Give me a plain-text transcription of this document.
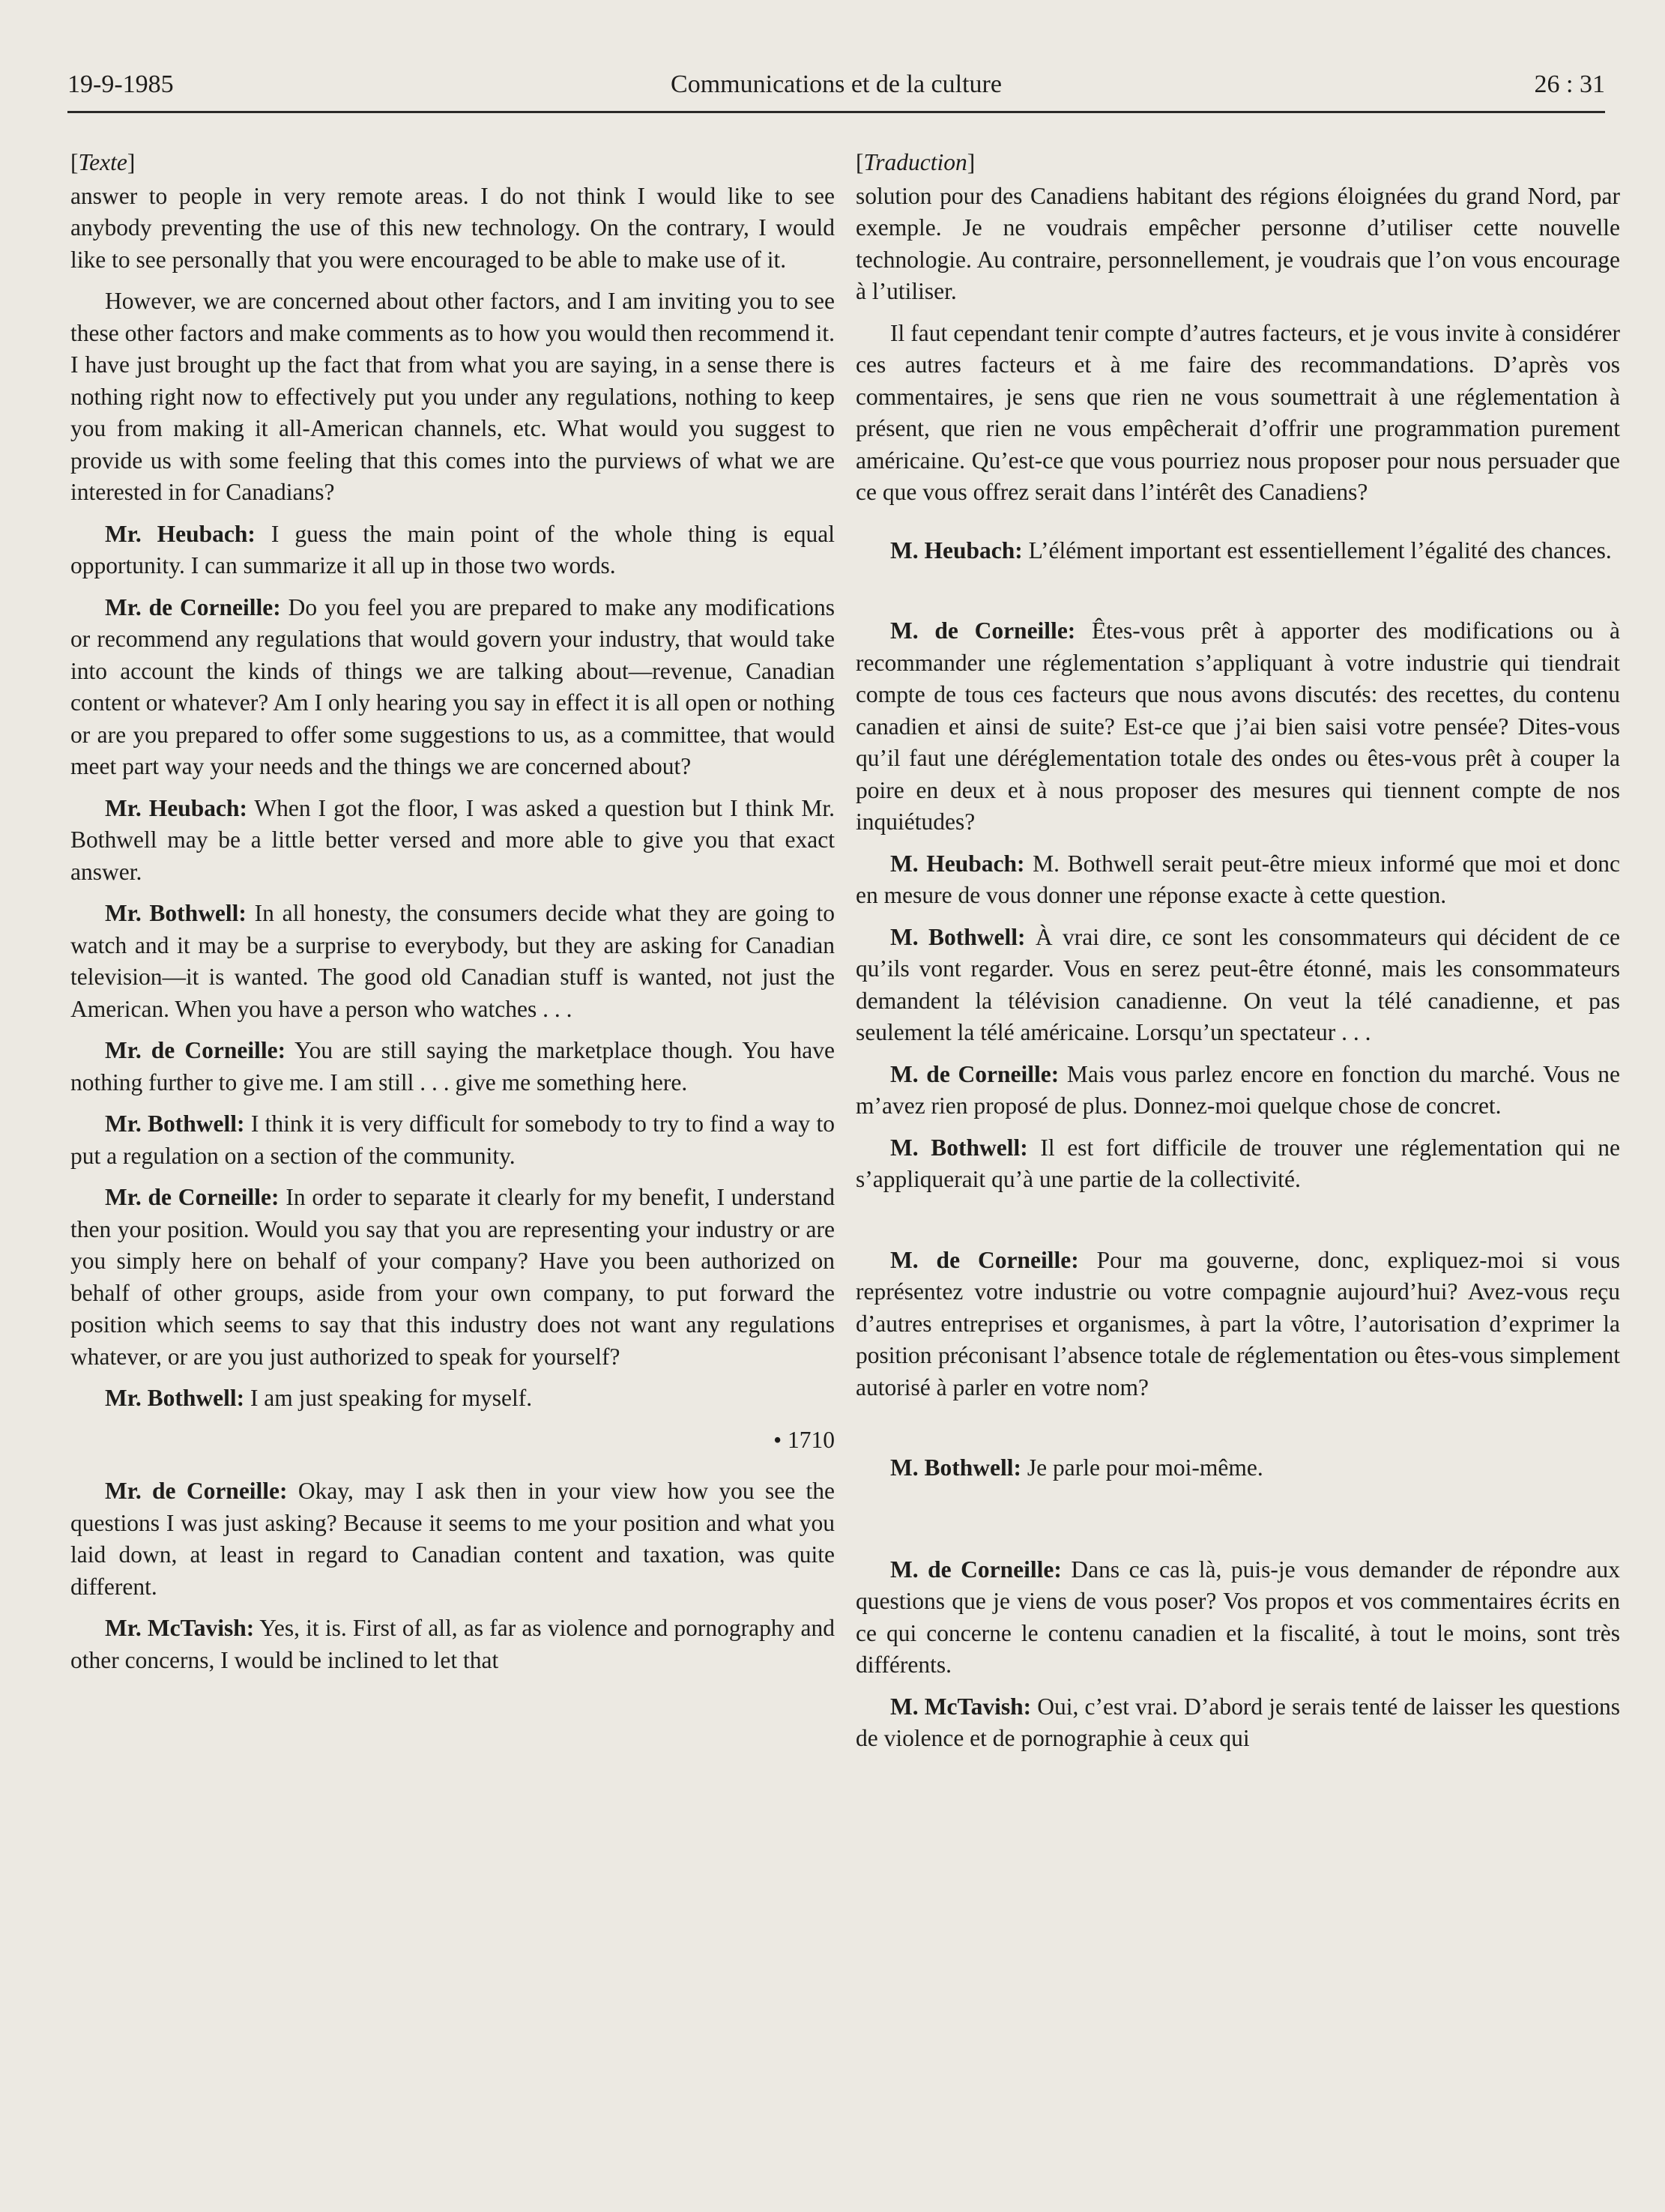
19-9-1985	Communications et de la culture	26 : 31
[Texte]

answer to people in very remote areas. I do not think I would like to see anybody preventing the use of this new technology. On the contrary, I would like to see personally that you were encouraged to be able to make use of it.

However, we are concerned about other factors, and I am inviting you to see these other factors and make comments as to how you would then recommend it. I have just brought up the fact that from what you are saying, in a sense there is nothing right now to effectively put you under any regulations, nothing to keep you from making it all-American channels, etc. What would you suggest to provide us with some feeling that this comes into the purviews of what we are interested in for Canadians?

Mr. Heubach: I guess the main point of the whole thing is equal opportunity. I can summarize it all up in those two words.

Mr. de Corneille: Do you feel you are prepared to make any modifications or recommend any regulations that would govern your industry, that would take into account the kinds of things we are talking about—revenue, Canadian content or whatever? Am I only hearing you say in effect it is all open or nothing or are you prepared to offer some suggestions to us, as a committee, that would meet part way your needs and the things we are concerned about?

Mr. Heubach: When I got the floor, I was asked a question but I think Mr. Bothwell may be a little better versed and more able to give you that exact answer.

Mr. Bothwell: In all honesty, the consumers decide what they are going to watch and it may be a surprise to everybody, but they are asking for Canadian television—it is wanted. The good old Canadian stuff is wanted, not just the American. When you have a person who watches . . .

Mr. de Corneille: You are still saying the marketplace though. You have nothing further to give me. I am still . . . give me something here.

Mr. Bothwell: I think it is very difficult for somebody to try to find a way to put a regulation on a section of the community.

Mr. de Corneille: In order to separate it clearly for my benefit, I understand then your position. Would you say that you are representing your industry or are you simply here on behalf of your company? Have you been authorized on behalf of other groups, aside from your own company, to put forward the position which seems to say that this industry does not want any regulations whatever, or are you just authorized to speak for yourself?

Mr. Bothwell: I am just speaking for myself.

• 1710

Mr. de Corneille: Okay, may I ask then in your view how you see the questions I was just asking? Because it seems to me your position and what you laid down, at least in regard to Canadian content and taxation, was quite different.

Mr. McTavish: Yes, it is. First of all, as far as violence and pornography and other concerns, I would be inclined to let that

[Traduction]

solution pour des Canadiens habitant des régions éloignées du grand Nord, par exemple. Je ne voudrais empêcher personne d’utiliser cette nouvelle technologie. Au contraire, personnellement, je voudrais que l’on vous encourage à l’utiliser.

Il faut cependant tenir compte d’autres facteurs, et je vous invite à considérer ces autres facteurs et à me faire des recommandations. D’après vos commentaires, je sens que rien ne vous soumettrait à une réglementation à présent, que rien ne vous empêcherait d’offrir une programmation purement américaine. Qu’est-ce que vous pourriez nous proposer pour nous persuader que ce que vous offrez serait dans l’intérêt des Canadiens?

M. Heubach: L’élément important est essentiellement l’égalité des chances.

M. de Corneille: Êtes-vous prêt à apporter des modifications ou à recommander une réglementation s’appliquant à votre industrie qui tiendrait compte de tous ces facteurs que nous avons discutés: des recettes, du contenu canadien et ainsi de suite? Est-ce que j’ai bien saisi votre pensée? Dites-vous qu’il faut une déréglementation totale des ondes ou êtes-vous prêt à couper la poire en deux et à nous proposer des mesures qui tiennent compte de nos inquiétudes?

M. Heubach: M. Bothwell serait peut-être mieux informé que moi et donc en mesure de vous donner une réponse exacte à cette question.

M. Bothwell: À vrai dire, ce sont les consommateurs qui décident de ce qu’ils vont regarder. Vous en serez peut-être étonné, mais les consommateurs demandent la télévision canadienne. On veut la télé canadienne, et pas seulement la télé américaine. Lorsqu’un spectateur . . .

M. de Corneille: Mais vous parlez encore en fonction du marché. Vous ne m’avez rien proposé de plus. Donnez-moi quelque chose de concret.

M. Bothwell: Il est fort difficile de trouver une réglementation qui ne s’appliquerait qu’à une partie de la collectivité.

M. de Corneille: Pour ma gouverne, donc, expliquez-moi si vous représentez votre industrie ou votre compagnie aujourd’hui? Avez-vous reçu d’autres entreprises et organismes, à part la vôtre, l’autorisation d’exprimer la position préconisant l’absence totale de réglementation ou êtes-vous simplement autorisé à parler en votre nom?

M. Bothwell: Je parle pour moi-même.

M. de Corneille: Dans ce cas là, puis-je vous demander de répondre aux questions que je viens de vous poser? Vos propos et vos commentaires écrits en ce qui concerne le contenu canadien et la fiscalité, à tout le moins, sont très différents.

M. McTavish: Oui, c’est vrai. D’abord je serais tenté de laisser les questions de violence et de pornographie à ceux qui
